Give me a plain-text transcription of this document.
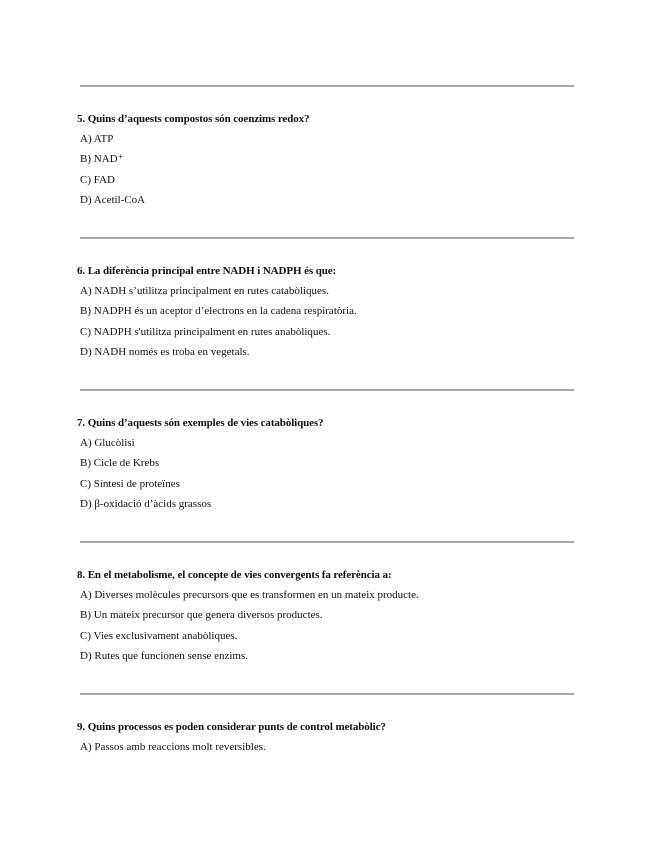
5. Quins d’aquests compostos són coenzims redox?
A) ATP
B) NAD⁺
C) FAD
D) Acetil-CoA
6. La diferència principal entre NADH i NADPH és que:
A) NADH s’utilitza principalment en rutes catabòliques.
B) NADPH és un aceptor d’electrons en la cadena respiratòria.
C) NADPH s'utilitza principalment en rutes anabòliques.
D) NADH només es troba en vegetals.
7. Quins d’aquests són exemples de vies catabòliques?
A) Glucòlisi
B) Cicle de Krebs
C) Síntesi de proteïnes
D) β-oxidació d’àcids grassos
8. En el metabolisme, el concepte de vies convergents fa referència a:
A) Diverses molècules precursors que es transformen en un mateix producte.
B) Un mateix precursor que genera diversos productes.
C) Vies exclusivament anabòliques.
D) Rutes que funcionen sense enzims.
9. Quins processos es poden considerar punts de control metabòlic?
A) Passos amb reaccions molt reversibles.
